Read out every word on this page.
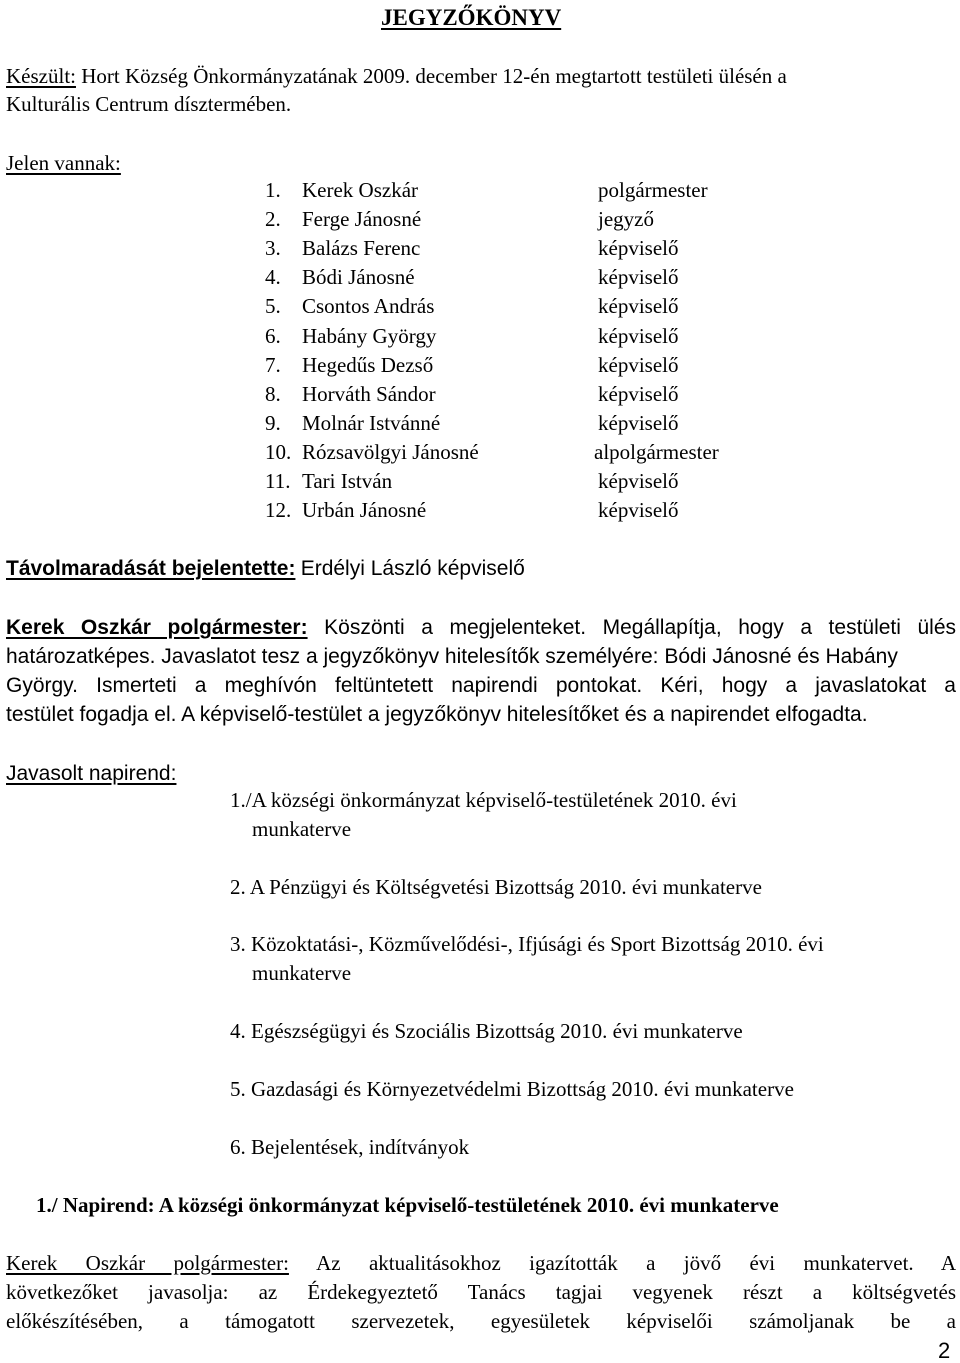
JEGYZŐKÖNYV
Készült: Hort Község Önkormányzatának 2009. december 12-én megtartott testületi ülésén a
Kulturális Centrum dísztermében.
Jelen vannak:
1.	Kerek Oszkár	polgármester
2.	Ferge Jánosné	jegyző
3.	Balázs Ferenc	képviselő
4.	Bódi Jánosné	képviselő
5.	Csontos András	képviselő
6.	Habány György	képviselő
7.	Hegedűs Dezső	képviselő
8.	Horváth Sándor	képviselő
9.	Molnár Istvánné	képviselő
10. Rózsavölgyi Jánosné	alpolgármester
11. Tari István	képviselő
12. Urbán Jánosné	képviselő
Távolmaradását bejelentette: Erdélyi László képviselő
Kerek Oszkár polgármester: Köszönti a megjelenteket. Megállapítja, hogy a testületi ülés
határozatképes. Javaslatot tesz a jegyzőkönyv hitelesítők személyére: Bódi Jánosné és Habány
György. Ismerteti a meghívón feltüntetett napirendi pontokat. Kéri, hogy a javaslatokat a
testület fogadja el. A képviselő-testület a jegyzőkönyv hitelesítőket és a napirendet elfogadta.
Javasolt napirend:
1./A községi önkormányzat képviselő-testületének 2010. évi
munkaterve
2. A Pénzügyi és Költségvetési Bizottság 2010. évi munkaterve
3. Közoktatási-, Közművelődési-, Ifjúsági és Sport Bizottság 2010. évi
munkaterve
4. Egészségügyi és Szociális Bizottság 2010. évi munkaterve
5. Gazdasági és Környezetvédelmi Bizottság 2010. évi munkaterve
6. Bejelentések, indítványok
1./ Napirend: A községi önkormányzat képviselő-testületének 2010. évi munkaterve
Kerek Oszkár polgármester: Az aktualitásokhoz igazították a jövő évi munkatervet. A
következőket javasolja: az Érdekegyeztető Tanács tagjai vegyenek részt a költségvetés
előkészítésében, a támogatott szervezetek, egyesületek képviselői számoljanak be a
2
